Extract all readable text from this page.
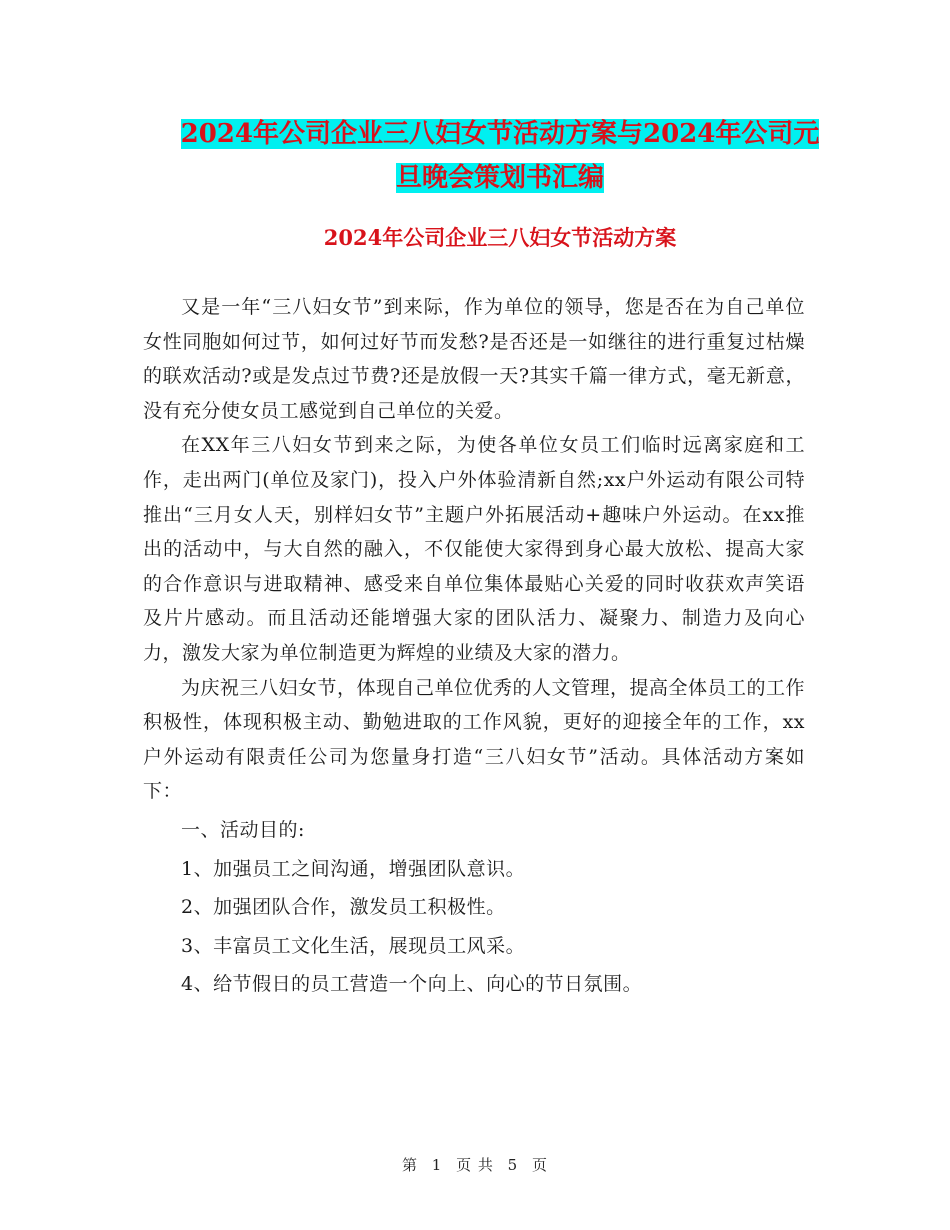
2024年公司企业三八妇女节活动方案与2024年公司元
旦晚会策划书汇编
2024年公司企业三八妇女节活动方案

又是一年“三八妇女节”到来际，作为单位的领导，您是否在为自己单位女性同胞如何过节，如何过好节而发愁?是否还是一如继往的进行重复过枯燥的联欢活动?或是发点过节费?还是放假一天?其实千篇一律方式，毫无新意，没有充分使女员工感觉到自己单位的关爱。

在XX年三八妇女节到来之际，为使各单位女员工们临时远离家庭和工作，走出两门(单位及家门)，投入户外体验清新自然;xx户外运动有限公司特推出“三月女人天，别样妇女节”主题户外拓展活动+趣味户外运动。在xx推出的活动中，与大自然的融入，不仅能使大家得到身心最大放松、提高大家的合作意识与进取精神、感受来自单位集体最贴心关爱的同时收获欢声笑语及片片感动。而且活动还能增强大家的团队活力、凝聚力、制造力及向心力，激发大家为单位制造更为辉煌的业绩及大家的潜力。

为庆祝三八妇女节，体现自己单位优秀的人文管理，提高全体员工的工作积极性，体现积极主动、勤勉进取的工作风貌，更好的迎接全年的工作，xx户外运动有限责任公司为您量身打造“三八妇女节”活动。具体活动方案如下：

一、活动目的:

1、加强员工之间沟通，增强团队意识。

2、加强团队合作，激发员工积极性。

3、丰富员工文化生活，展现员工风采。

4、给节假日的员工营造一个向上、向心的节日氛围。

第 1 页 共 5 页
